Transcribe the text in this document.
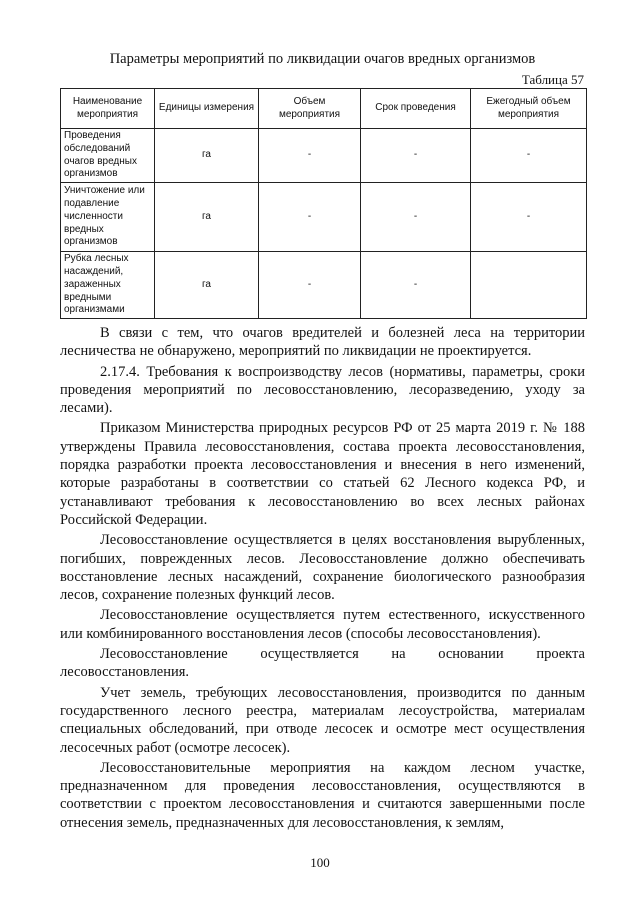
Параметры мероприятий по ликвидации очагов вредных организмов
Таблица 57
Наименование мероприятия	Единицы измерения	Объем мероприятия	Срок проведения	Ежегодный объем мероприятия
Проведения обследований очагов вредных организмов	га	-	-	-
Уничтожение или подавление численности вредных организмов	га	-	-	-
Рубка лесных насаждений, зараженных вредными организмами	га	-	-	

В связи с тем, что очагов вредителей и болезней леса на территории лесничества не обнаружено, мероприятий по ликвидации не проектируется.

2.17.4. Требования к воспроизводству лесов (нормативы, параметры, сроки проведения мероприятий по лесовосстановлению, лесоразведению, уходу за лесами).

Приказом Министерства природных ресурсов РФ от 25 марта 2019 г. № 188 утверждены Правила лесовосстановления, состава проекта лесовосстановления, порядка разработки проекта лесовосстановления и внесения в него изменений, которые разработаны в соответствии со статьей 62 Лесного кодекса РФ, и устанавливают требования к лесовосстановлению во всех лесных районах Российской Федерации.

Лесовосстановление осуществляется в целях восстановления вырубленных, погибших, поврежденных лесов. Лесовосстановление должно обеспечивать восстановление лесных насаждений, сохранение биологического разнообразия лесов, сохранение полезных функций лесов.

Лесовосстановление осуществляется путем естественного, искусственного или комбинированного восстановления лесов (способы лесовосстановления).

Лесовосстановление осуществляется на основании проекта лесовосстановления.

Учет земель, требующих лесовосстановления, производится по данным государственного лесного реестра, материалам лесоустройства, материалам специальных обследований, при отводе лесосек и осмотре мест осуществления лесосечных работ (осмотре лесосек).

Лесовосстановительные мероприятия на каждом лесном участке, предназначенном для проведения лесовосстановления, осуществляются в соответствии с проектом лесовосстановления и считаются завершенными после отнесения земель, предназначенных для лесовосстановления, к землям,

100
